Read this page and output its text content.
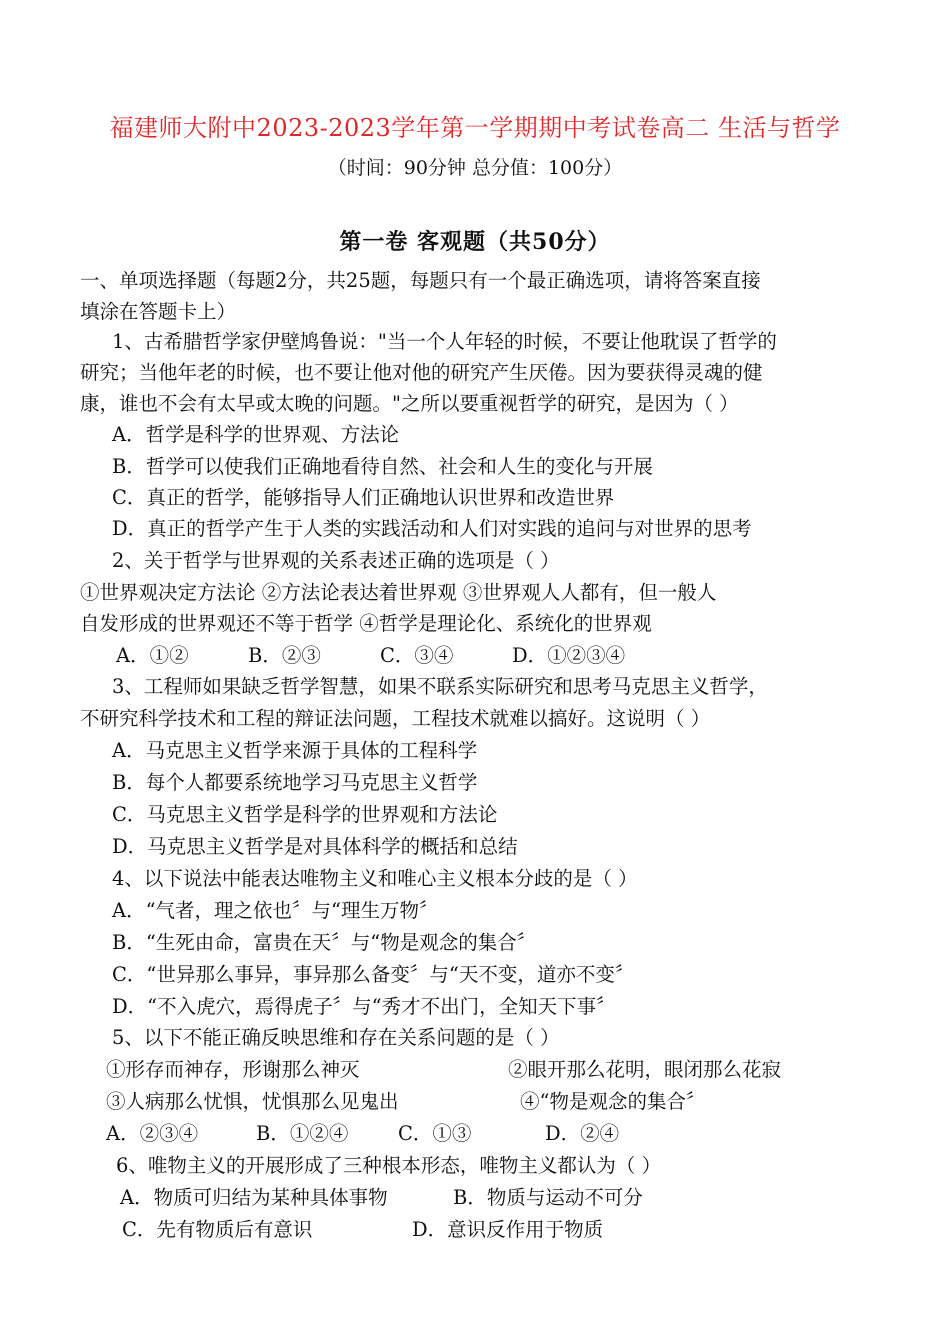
福建师大附中2023-2023学年第一学期期中考试卷高二 生活与哲学
（时间：90分钟 总分值：100分）
第一卷 客观题（共50分）
一、单项选择题（每题2分，共25题，每题只有一个最正确选项，请将答案直接
填涂在答题卡上）
1、古希腊哲学家伊壁鸠鲁说："当一个人年轻的时候，不要让他耽误了哲学的
研究；当他年老的时候，也不要让他对他的研究产生厌倦。因为要获得灵魂的健
康，谁也不会有太早或太晚的问题。"之所以要重视哲学的研究，是因为（ ）
A．哲学是科学的世界观、方法论
B．哲学可以使我们正确地看待自然、社会和人生的变化与开展
C．真正的哲学，能够指导人们正确地认识世界和改造世界
D．真正的哲学产生于人类的实践活动和人们对实践的追问与对世界的思考
2、关于哲学与世界观的关系表述正确的选项是（ ）
①世界观决定方法论 ②方法论表达着世界观 ③世界观人人都有，但一般人
自发形成的世界观还不等于哲学 ④哲学是理论化、系统化的世界观
A．①②	B．②③	C．③④	D．①②③④
3、工程师如果缺乏哲学智慧，如果不联系实际研究和思考马克思主义哲学，
不研究科学技术和工程的辩证法问题，工程技术就难以搞好。这说明（ ）
A．马克思主义哲学来源于具体的工程科学
B．每个人都要系统地学习马克思主义哲学
C．马克思主义哲学是科学的世界观和方法论
D．马克思主义哲学是对具体科学的概括和总结
4、以下说法中能表达唯物主义和唯心主义根本分歧的是（ ）
A．“气者，理之依也〞与“理生万物〞
B．“生死由命，富贵在天〞与“物是观念的集合〞
C．“世异那么事异，事异那么备变〞与“天不变，道亦不变〞
D．“不入虎穴，焉得虎子〞与“秀才不出门，全知天下事〞
5、以下不能正确反映思维和存在关系问题的是（ ）
①形存而神存，形谢那么神灭	②眼开那么花明，眼闭那么花寂
③人病那么忧惧，忧惧那么见鬼出	④“物是观念的集合〞
A．②③④	B．①②④	C．①③	D．②④
6、唯物主义的开展形成了三种根本形态，唯物主义都认为（ ）
A．物质可归结为某种具体事物	B．物质与运动不可分
C．先有物质后有意识	D．意识反作用于物质
